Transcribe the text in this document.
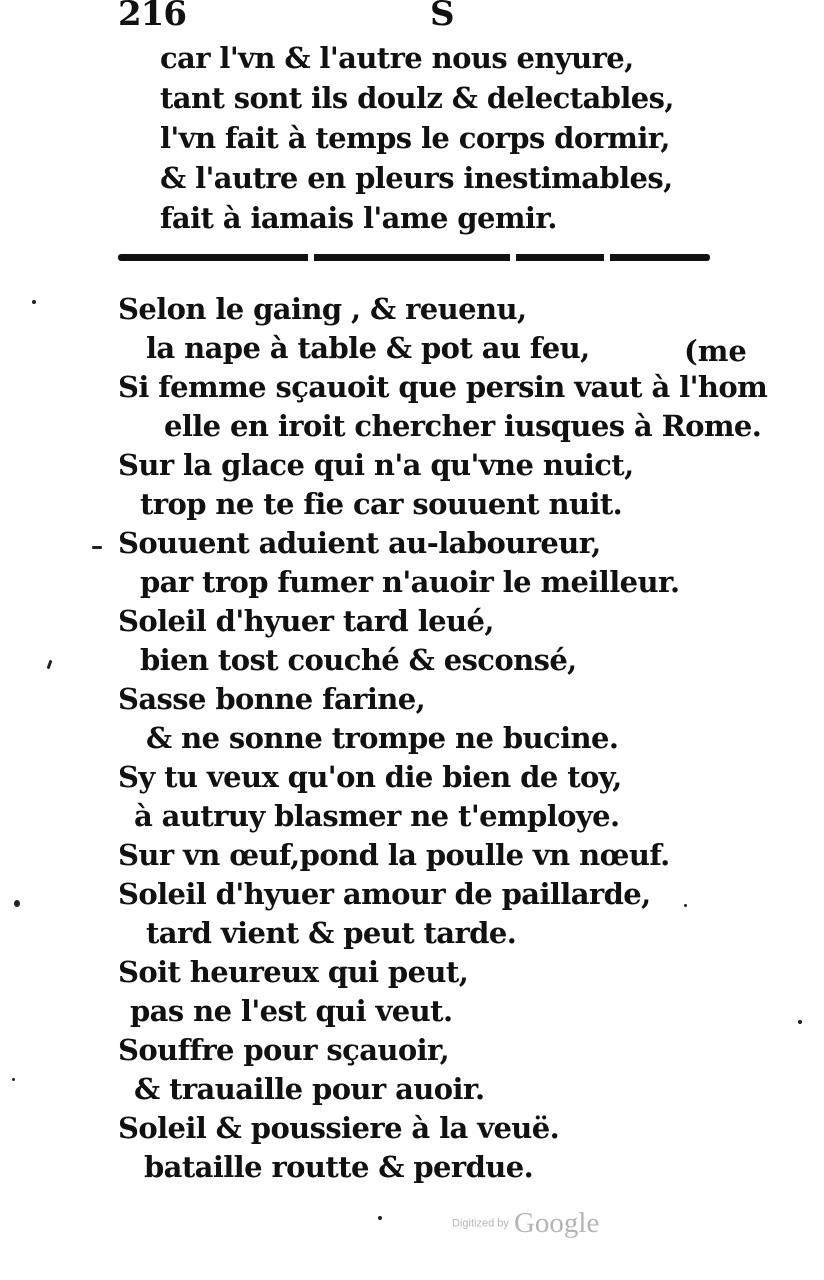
216	S
car l'vn & l'autre nous enyure,
tant sont ils doulz & delectables,
l'vn fait à temps le corps dormir,
& l'autre en pleurs inestimables,
fait à iamais l'ame gemir.
Selon le gaing , & reuenu,
la nape à table & pot au feu,
Si femme sçauoit que persin vaut à l'hom
elle en iroit chercher iusques à Rome.
Sur la glace qui n'a qu'vne nuict,
trop ne te fie car souuent nuit.
Souuent aduient au-laboureur,
par trop fumer n'auoir le meilleur.
Soleil d'hyuer tard leué,
bien tost couché & esconsé,
Sasse bonne farine,
& ne sonne trompe ne bucine.
Sy tu veux qu'on die bien de toy,
à autruy blasmer ne t'employe.
Sur vn œuf,pond la poulle vn nœuf.
Soleil d'hyuer amour de paillarde,
tard vient & peut tarde.
Soit heureux qui peut,
pas ne l'est qui veut.
Souffre pour sçauoir,
& trauaille pour auoir.
Soleil & poussiere à la veuë.
bataille routte & perdue.
(me
Digitized by Google
